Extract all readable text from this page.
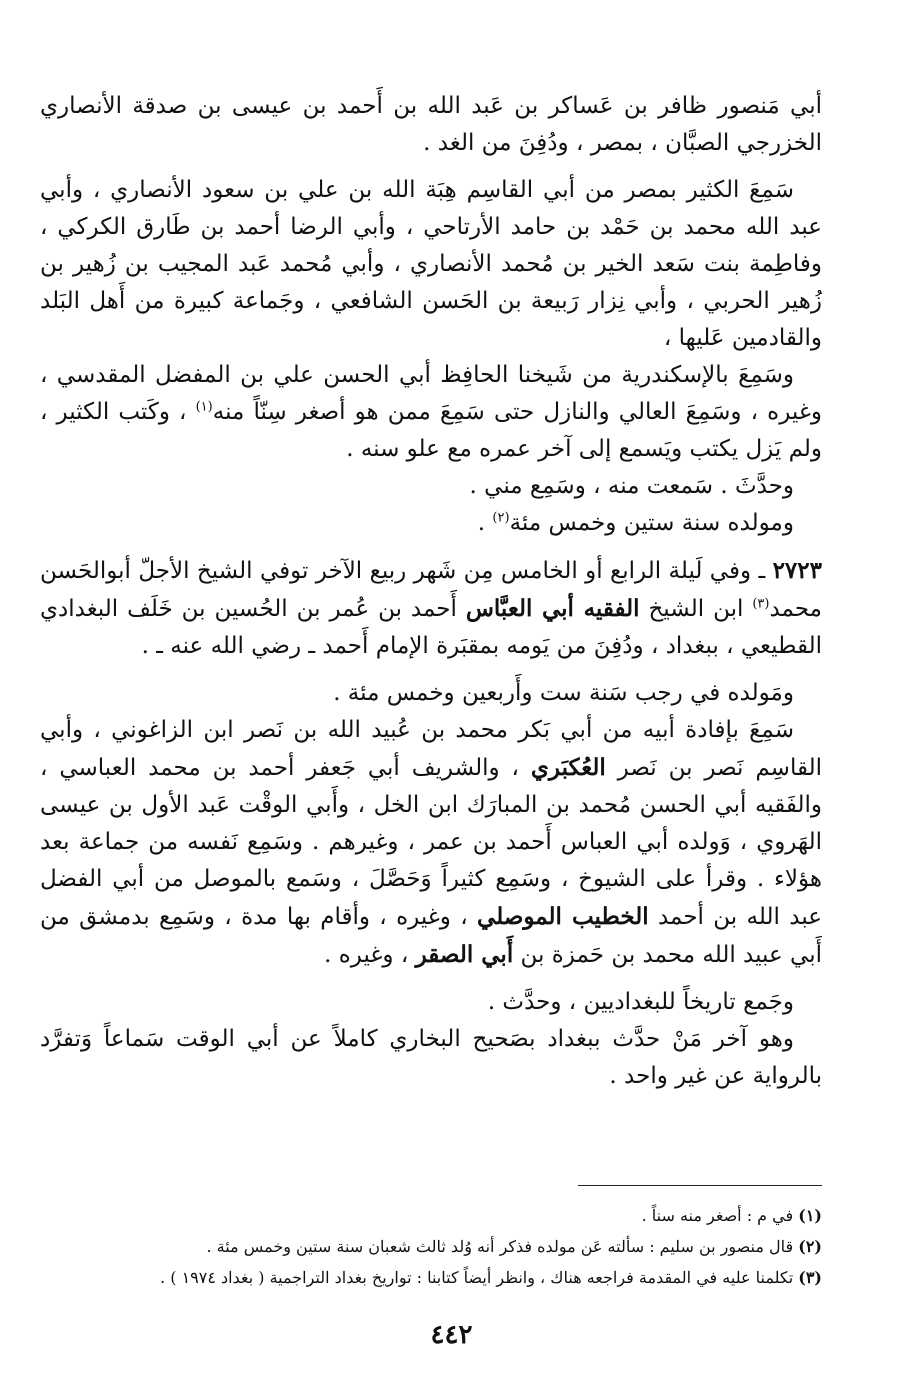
أبي مَنصور ظافر بن عَساكر بن عَبد الله بن أَحمد بن عيسى بن صدقة الأنصاري الخزرجي الصبَّان ، بمصر ، ودُفِنَ من الغد .

سَمِعَ الكثير بمصر من أبي القاسِم هِبَة الله بن علي بن سعود الأنصاري ، وأبي عبد الله محمد بن حَمْد بن حامد الأرتاحي ، وأبي الرضا أحمد بن طَارق الكركي ، وفاطِمة بنت سَعد الخير بن مُحمد الأنصاري ، وأبي مُحمد عَبد المجيب بن زُهير بن زُهير الحربي ، وأبي نِزار رَبيعة بن الحَسن الشافعي ، وجَماعة كبيرة من أَهل البَلد والقادمين عَليها ،

وسَمِعَ بالإسكندرية من شَيخنا الحافِظ أبي الحسن علي بن المفضل المقدسي ، وغيره ، وسَمِعَ العالي والنازل حتى سَمِعَ ممن هو أصغر سِنّاً منه$^{(١)}$ ، وكَتب الكثير ، ولم يَزل يكتب ويَسمع إلى آخر عمره مع علو سنه .

وحدَّثَ . سَمعت منه ، وسَمِع مني .

ومولده سنة ستين وخمس مئة$^{(٢)}$ .

٢٧٢٣ ـ وفي لَيلة الرابع أو الخامس مِن شَهر ربيع الآخر توفي الشيخ الأجلّ أبوالحَسن محمد$^{(٣)}$ ابن الشيخ الفقيه أبي العبَّاس أَحمد بن عُمر بن الحُسين بن خَلَف البغدادي القطيعي ، ببغداد ، ودُفِنَ من يَومه بمقبَرة الإمام أَحمد ـ رضي الله عنه ـ .

ومَولده في رجب سَنة ست وأَربعين وخمس مئة .

سَمِعَ بإفادة أبيه من أبي بَكر محمد بن عُبيد الله بن نَصر ابن الزاغوني ، وأبي القاسِم نَصر بن نَصر العُكبَري ، والشريف أبي جَعفر أحمد بن محمد العباسي ، والفَقيه أبي الحسن مُحمد بن المبارَك ابن الخل ، وأَبي الوقْت عَبد الأول بن عيسى الهَروي ، وَولده أبي العباس أَحمد بن عمر ، وغيرهم . وسَمِع نَفسه من جماعة بعد هؤلاء . وقرأ على الشيوخ ، وسَمِع كثيراً وَحَصَّلَ ، وسَمع بالموصل من أبي الفضل عبد الله بن أحمد الخطيب الموصلي ، وغيره ، وأقام بها مدة ، وسَمِع بدمشق من أَبي عبيد الله محمد بن حَمزة بن أَبي الصقر ، وغيره .

وجَمع تاريخاً للبغداديين ، وحدَّث .

وهو آخر مَنْ حدَّث ببغداد بصَحيح البخاري كاملاً عن أبي الوقت سَماعاً وَتفرَّد بالرواية عن غير واحد .

(١) في م : أصغر منه سناً .

(٢) قال منصور بن سليم : سألته عَن مولده فذكر أنه وُلد ثالث شعبان سنة ستين وخمس مئة .

(٣) تكلمنا عليه في المقدمة فراجعه هناك ، وانظر أيضاً كتابنا : تواريخ بغداد التراجمية ( بغداد ١٩٧٤ ) .

٤٤٢
